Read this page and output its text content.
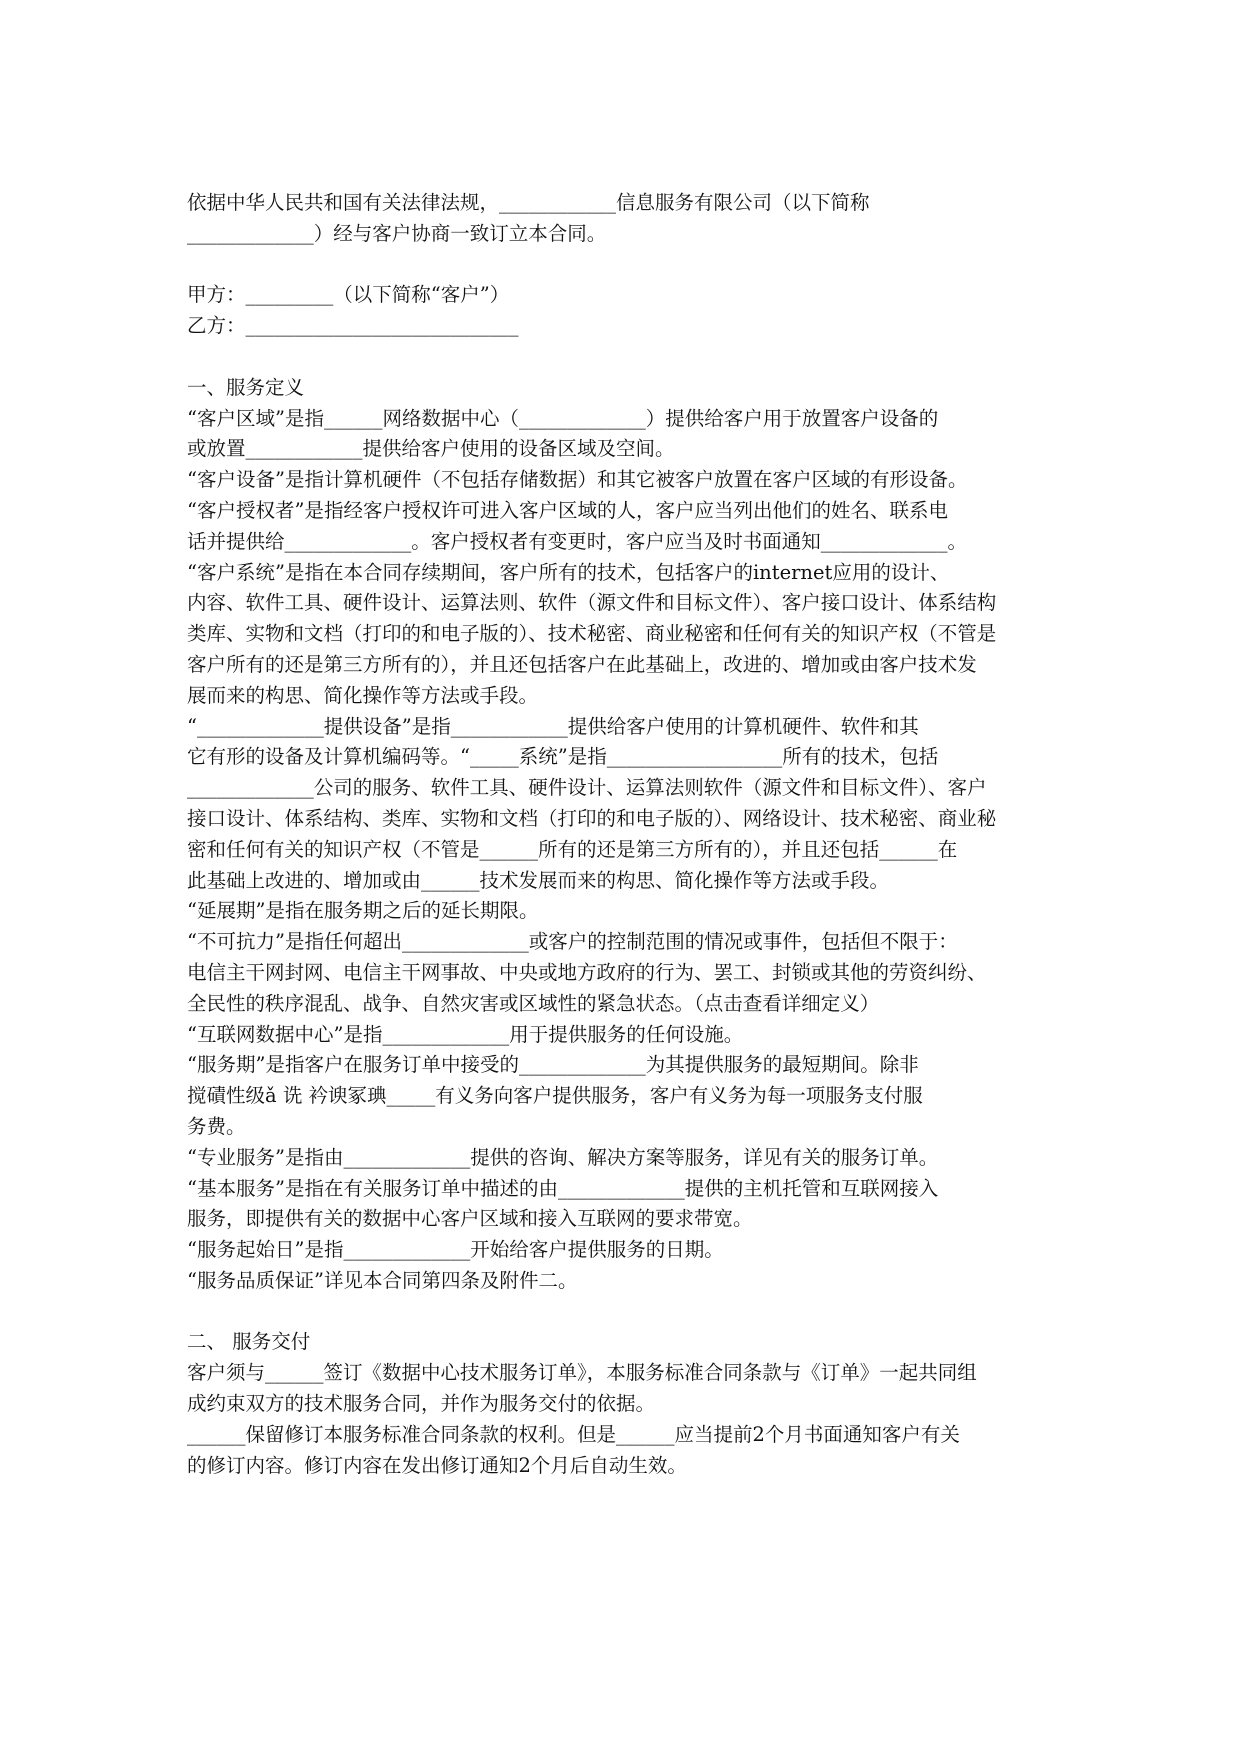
依据中华人民共和国有关法律法规，____________信息服务有限公司（以下简称
_____________）经与客户协商一致订立本合同。
甲方：_________（以下简称“客户”）
乙方：____________________________
一、服务定义
“客户区域”是指______网络数据中心（_____________）提供给客户用于放置客户设备的
或放置____________提供给客户使用的设备区域及空间。
“客户设备”是指计算机硬件（不包括存储数据）和其它被客户放置在客户区域的有形设备。
“客户授权者”是指经客户授权许可进入客户区域的人，客户应当列出他们的姓名、联系电
话并提供给_____________。客户授权者有变更时，客户应当及时书面通知_____________。
“客户系统”是指在本合同存续期间，客户所有的技术，包括客户的internet应用的设计、
内容、软件工具、硬件设计、运算法则、软件（源文件和目标文件）、客户接口设计、体系结构
类库、实物和文档（打印的和电子版的）、技术秘密、商业秘密和任何有关的知识产权（不管是
客户所有的还是第三方所有的），并且还包括客户在此基础上，改进的、增加或由客户技术发
展而来的构思、简化操作等方法或手段。
“_____________提供设备”是指____________提供给客户使用的计算机硬件、软件和其
它有形的设备及计算机编码等。“_____系统”是指__________________所有的技术，包括
_____________公司的服务、软件工具、硬件设计、运算法则软件（源文件和目标文件）、客户
接口设计、体系结构、类库、实物和文档（打印的和电子版的）、网络设计、技术秘密、商业秘
密和任何有关的知识产权（不管是______所有的还是第三方所有的），并且还包括______在
此基础上改进的、增加或由______技术发展而来的构思、简化操作等方法或手段。
“延展期”是指在服务期之后的延长期限。
“不可抗力”是指任何超出_____________或客户的控制范围的情况或事件，包括但不限于：
电信主干网封网、电信主干网事故、中央或地方政府的行为、罢工、封锁或其他的劳资纠纷、
全民性的秩序混乱、战争、自然灾害或区域性的紧急状态。（点击查看详细定义）
“互联网数据中心”是指_____________用于提供服务的任何设施。
“服务期”是指客户在服务订单中接受的_____________为其提供服务的最短期间。除非
搅磧性级ǎ 诜 衿谀冢琠_____有义务向客户提供服务，客户有义务为每一项服务支付服
务费。
“专业服务”是指由_____________提供的咨询、解决方案等服务，详见有关的服务订单。
“基本服务”是指在有关服务订单中描述的由_____________提供的主机托管和互联网接入
服务，即提供有关的数据中心客户区域和接入互联网的要求带宽。
“服务起始日”是指_____________开始给客户提供服务的日期。
“服务品质保证”详见本合同第四条及附件二。
二、 服务交付
客户须与______签订《数据中心技术服务订单》，本服务标准合同条款与《订单》一起共同组
成约束双方的技术服务合同，并作为服务交付的依据。
______保留修订本服务标准合同条款的权利。但是______应当提前2个月书面通知客户有关
的修订内容。修订内容在发出修订通知2个月后自动生效。
